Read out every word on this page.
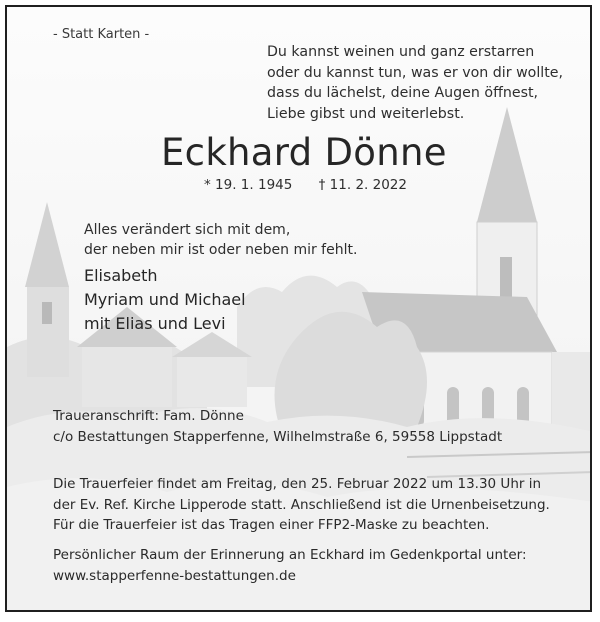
- Statt Karten -
Du kannst weinen und ganz erstarren
oder du kannst tun, was er von dir wollte,
dass du lächelst, deine Augen öffnest,
Liebe gibst und weiterlebst.
Eckhard Dönne
* 19. 1. 1945 † 11. 2. 2022
Alles verändert sich mit dem,
der neben mir ist oder neben mir fehlt.
Elisabeth
Myriam und Michael
mit Elias und Levi
Traueranschrift: Fam. Dönne
c/o Bestattungen Stapperfenne, Wilhelmstraße 6, 59558 Lippstadt
Die Trauerfeier findet am Freitag, den 25. Februar 2022 um 13.30 Uhr in
der Ev. Ref. Kirche Lipperode statt. Anschließend ist die Urnenbeisetzung.
Für die Trauerfeier ist das Tragen einer FFP2-Maske zu beachten.
Persönlicher Raum der Erinnerung an Eckhard im Gedenkportal unter:
www.stapperfenne-bestattungen.de
